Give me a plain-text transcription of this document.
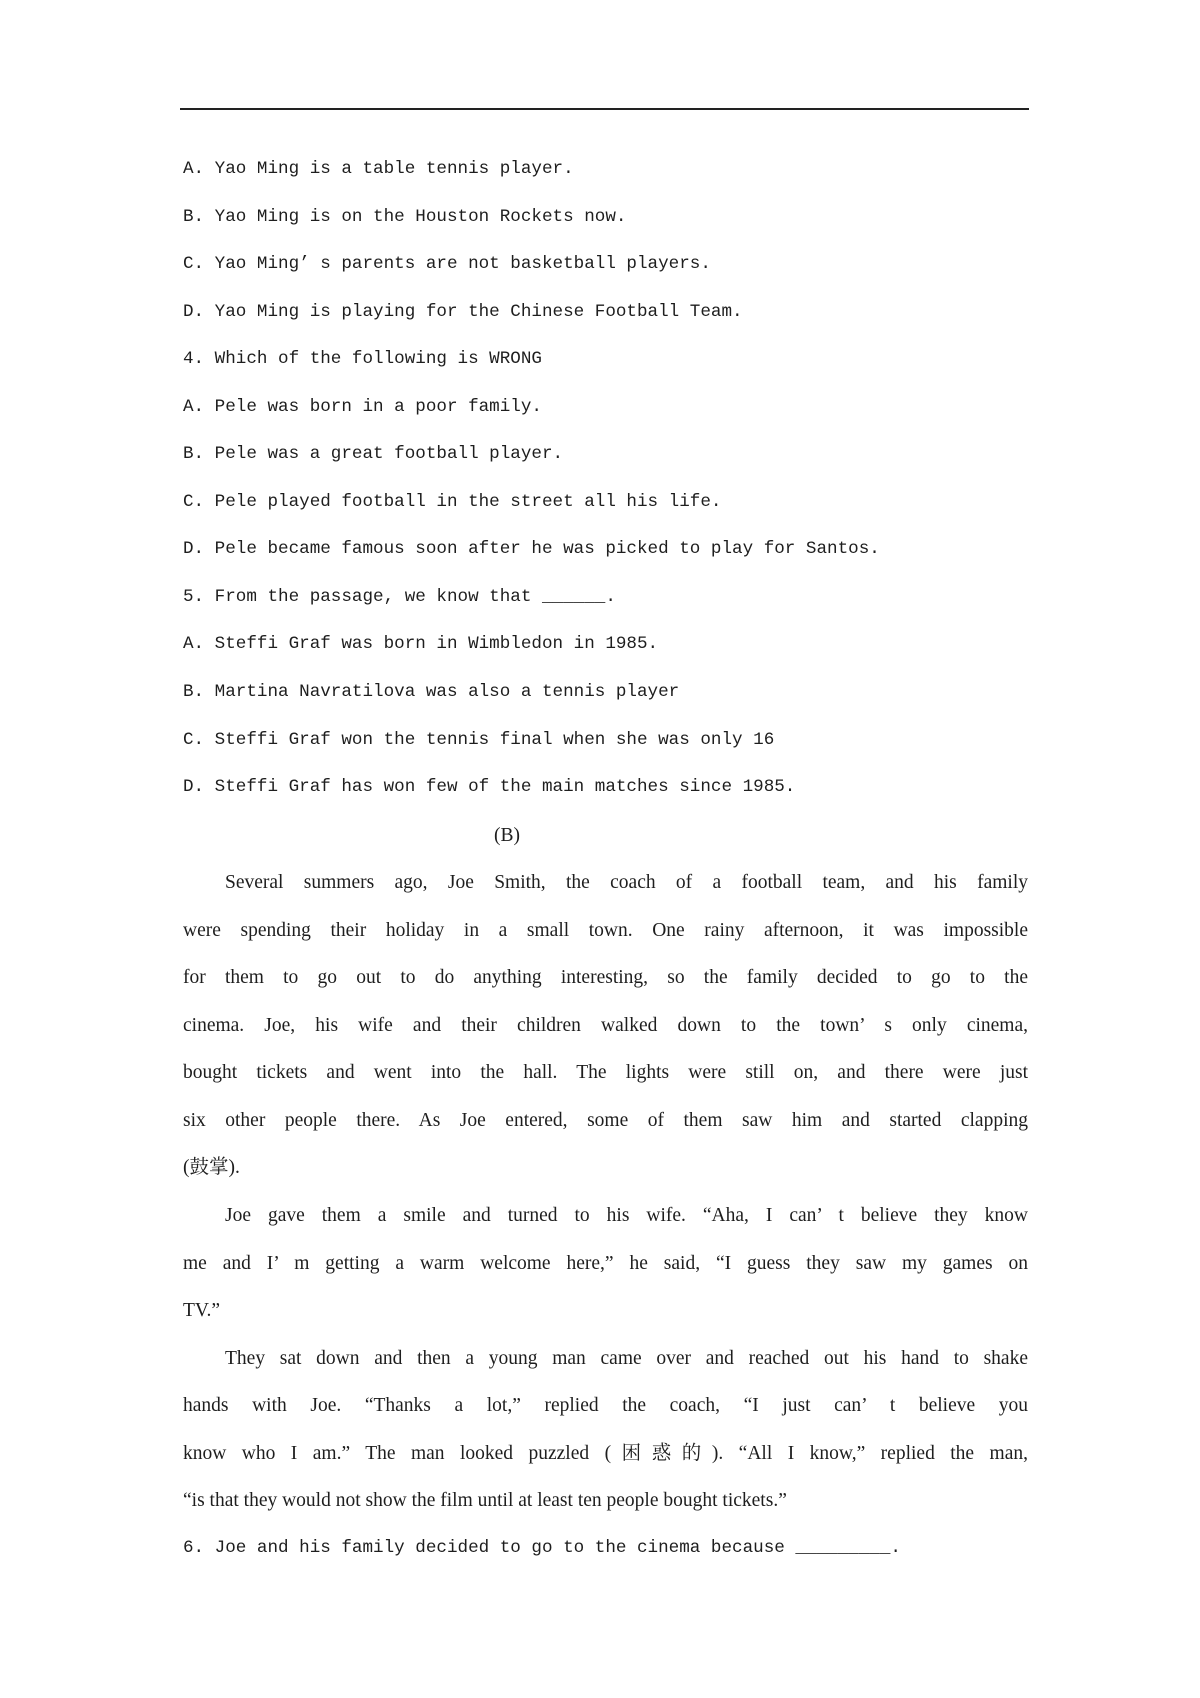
A. Yao Ming is a table tennis player.
B. Yao Ming is on the Houston Rockets now.
C. Yao Ming’ s parents are not basketball players.
D. Yao Ming is playing for the Chinese Football Team.
4. Which of the following is WRONG
A. Pele was born in a poor family.
B. Pele was a great football player.
C. Pele played football in the street all his life.
D. Pele became famous soon after he was picked to play for Santos.
5. From the passage, we know that ______.
A. Steffi Graf was born in Wimbledon in 1985.
B. Martina Navratilova was also a tennis player
C. Steffi Graf won the tennis final when she was only 16
D. Steffi Graf has won few of the main matches since 1985.
(B)
Several summers ago, Joe Smith, the coach of a football team, and his family
were spending their holiday in a small town. One rainy afternoon, it was impossible
for them to go out to do anything interesting, so the family decided to go to the
cinema. Joe, his wife and their children walked down to the town’ s only cinema,
bought tickets and went into the hall. The lights were still on, and there were just
six other people there. As Joe entered, some of them saw him and started clapping
(鼓掌).
Joe gave them a smile and turned to his wife. “Aha, I can’ t believe they know
me and I’ m getting a warm welcome here,” he said, “I guess they saw my games on
TV.”
They sat down and then a young man came over and reached out his hand to shake
hands with Joe. “Thanks a lot,” replied the coach, “I just can’ t believe you
know who I am.” The man looked puzzled (困惑的). “All I know,” replied the man,
“is that they would not show the film until at least ten people bought tickets.”
6. Joe and his family decided to go to the cinema because _________.
